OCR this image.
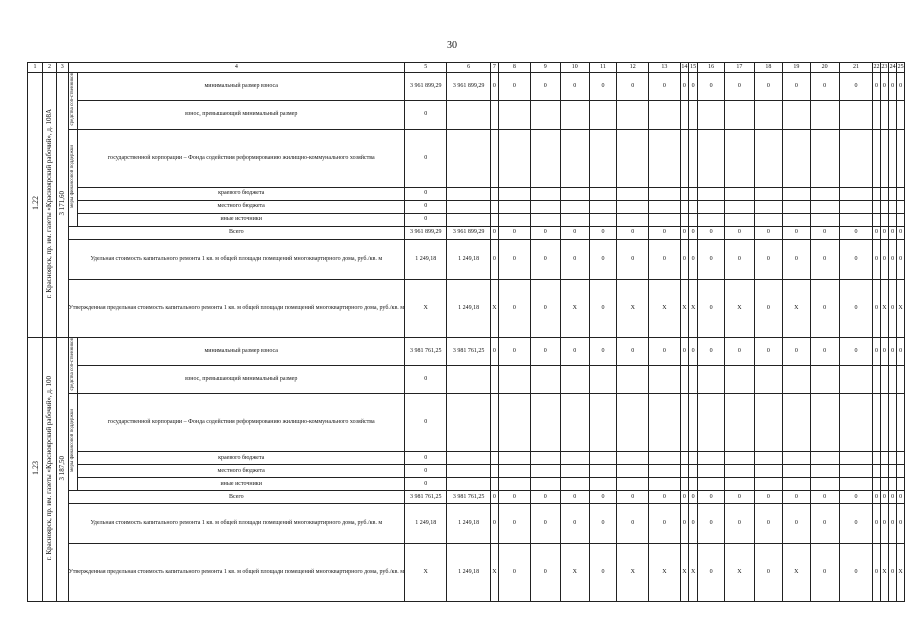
30
1	2	3	4		5	6	7	8	9	10	11	12	13	14	15	16	17	18	19	20	21	22	23	24	25
1.22	г. Красноярск, пр. им. газеты «Красноярский рабочий», д. 108А	3 171,60	средства соб-ственников	минимальный размер взноса	3 961 899,29	3 961 899,29	0	0	0	0	0	0	0	0	0	0	0	0	0	0	0	0	0	0	0
				взнос, превышающий минимальный размер	0																				
			меры финансовой поддержки	государственной корпорации – Фонда содействия реформированию жилищно-коммунального хозяйства	0																				
				краевого бюджета	0																				
				местного бюджета	0																				
				иные источники	0																				
			Всего		3 961 899,29	3 961 899,29	0	0	0	0	0	0	0	0	0	0	0	0	0	0	0	0	0	0	0
			Удельная стоимость капитального ремонта 1 кв. м общей площади помещений многоквартирного дома, руб./кв. м		1 249,18	1 249,18	0	0	0	0	0	0	0	0	0	0	0	0	0	0	0	0	0	0	0
			Утвержденная предельная стоимость капитального ремонта 1 кв. м общей площади помещений многоквартирного дома, руб./кв. м		X	1 249,18	X	0	0	X	0	X	X	X	X	0	X	0	X	0	0	0	X	0	X
1.23	г. Красноярск, пр. им. газеты «Красноярский рабочий», д. 100	3 187,50	средства соб-ственников	минимальный размер взноса	3 981 761,25	3 981 761,25	0	0	0	0	0	0	0	0	0	0	0	0	0	0	0	0	0	0	0
				взнос, превышающий минимальный размер	0																				
			меры финансовой поддержки	государственной корпорации – Фонда содействия реформированию жилищно-коммунального хозяйства	0																				
				краевого бюджета	0																				
				местного бюджета	0																				
				иные источники	0																				
			Всего		3 981 761,25	3 981 761,25	0	0	0	0	0	0	0	0	0	0	0	0	0	0	0	0	0	0	0
			Удельная стоимость капитального ремонта 1 кв. м общей площади помещений многоквартирного дома, руб./кв. м		1 249,18	1 249,18	0	0	0	0	0	0	0	0	0	0	0	0	0	0	0	0	0	0	0
			Утвержденная предельная стоимость капитального ремонта 1 кв. м общей площади помещений многоквартирного дома, руб./кв. м		X	1 249,18	X	0	0	X	0	X	X	X	X	0	X	0	X	0	0	0	X	0	X
